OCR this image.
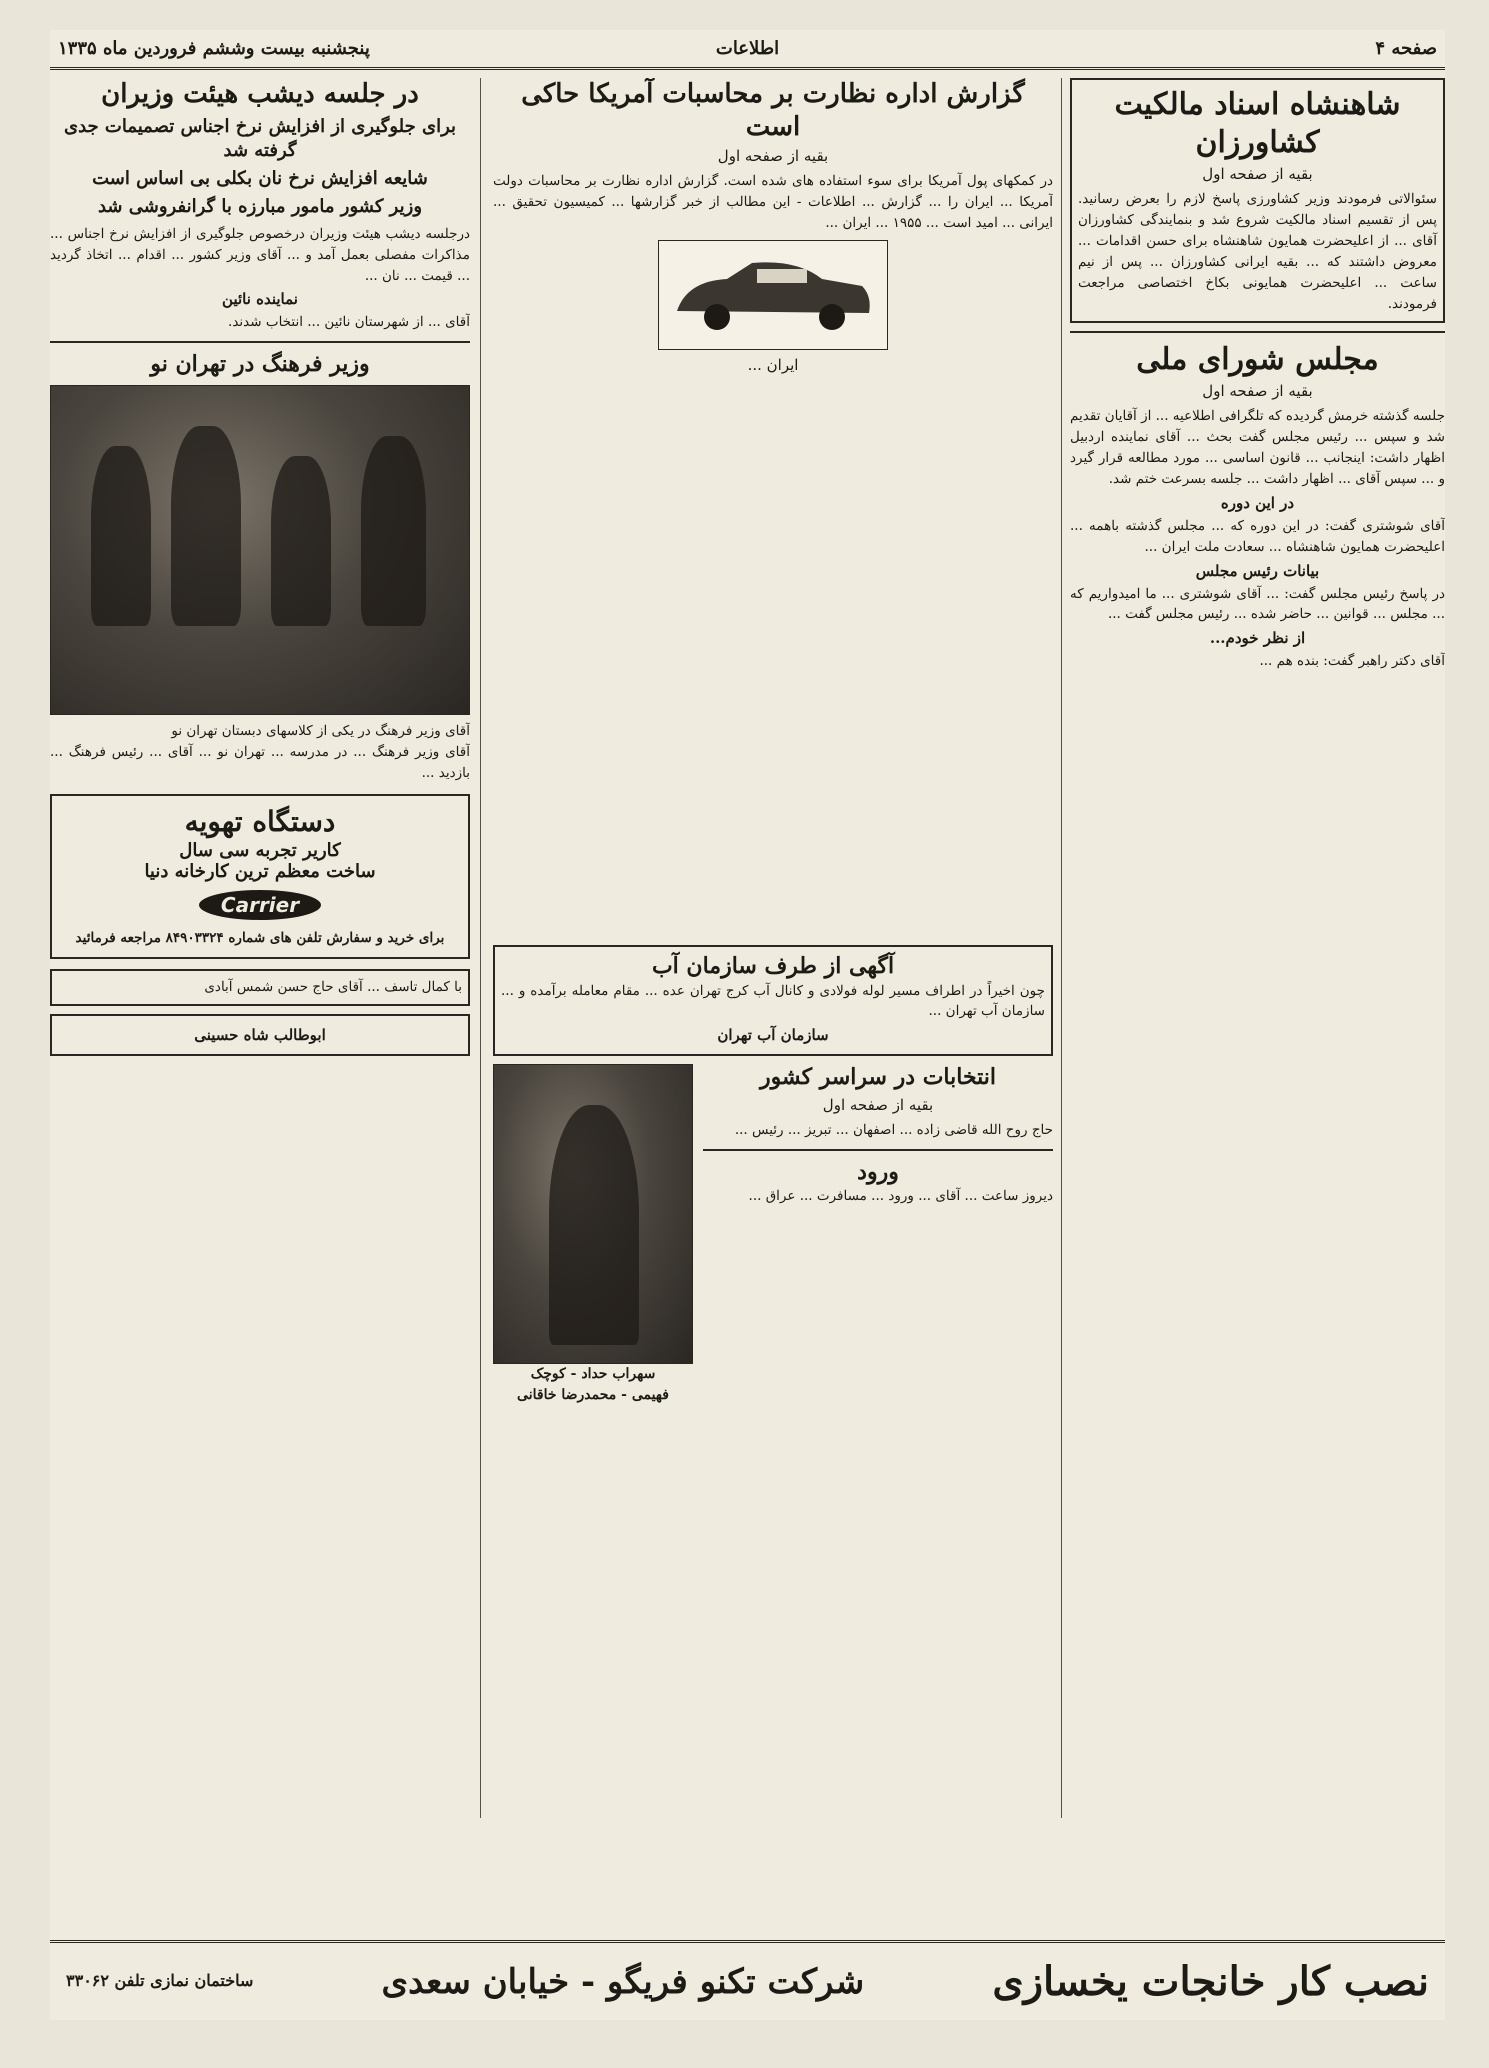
صفحه ۴
اطلاعات
پنجشنبه بیست وششم فروردین ماه ۱۳۳۵
شاهنشاه اسناد مالکیت کشاورزان
بقیه از صفحه اول
سئوالاتی فرمودند وزیر کشاورزی پاسخ لازم را بعرض رسانید. پس از تقسیم اسناد مالکیت شروع شد و بنمایندگی کشاورزان آقای ... از اعلیحضرت همایون شاهنشاه برای حسن اقدامات ... معروض داشتند که ... بقیه ایرانی کشاورزان ... پس از نیم ساعت ... اعلیحضرت همایونی بکاخ اختصاصی مراجعت فرمودند.
مجلس شورای ملی
بقیه از صفحه اول
جلسه گذشته خرمش گردیده که تلگرافی اطلاعیه ... از آقایان تقدیم شد و سپس ... رئیس مجلس گفت بحث ... آقای نماینده اردبیل اظهار داشت: اینجانب ... قانون اساسی ... مورد مطالعه قرار گیرد و ... سپس آقای ... اظهار داشت ... جلسه بسرعت ختم شد.
در این دوره
آقای شوشتری گفت: در این دوره که ... مجلس گذشته باهمه ... اعلیحضرت همایون شاهنشاه ... سعادت ملت ایران ...
بیانات رئیس مجلس
در پاسخ رئیس مجلس گفت: ... آقای شوشتری ... ما امیدواریم که ... مجلس ... قوانین ... حاضر شده ... رئیس مجلس گفت ...
از نظر خودم...
آقای دکتر راهبر گفت: بنده هم ...
گزارش اداره نظارت بر محاسبات آمریکا حاکی است
بقیه از صفحه اول
در کمکهای پول آمریکا برای سوء استفاده های شده است. گزارش اداره نظارت بر محاسبات دولت آمریکا ... ایران را ... گزارش ... اطلاعات - این مطالب از خبر گزارشها ... کمیسیون تحقیق ... ایرانی ... امید است ... ۱۹۵۵ ... ایران ...
ایران ...
آگهی از طرف سازمان آب
چون اخیراً در اطراف مسیر لوله فولادی و کانال آب کرج تهران عده ... مقام معامله برآمده و ... سازمان آب تهران ...
سازمان آب تهران
انتخابات در سراسر کشور
بقیه از صفحه اول
حاج روح الله قاضی زاده ... اصفهان ... تبریز ... رئیس ...
ورود
دیروز ساعت ... آقای ... ورود ... مسافرت ... عراق ...
سهراب حداد - کوچک
فهیمی - محمدرضا خاقانی
در جلسه دیشب هیئت وزیران
برای جلوگیری از افزایش نرخ اجناس تصمیمات جدی گرفته شد
شایعه افزایش نرخ نان بکلی بی اساس است
وزیر کشور مامور مبارزه با گرانفروشی شد
درجلسه دیشب هیئت وزیران درخصوص جلوگیری از افزایش نرخ اجناس ... مذاکرات مفصلی بعمل آمد و ... آقای وزیر کشور ... اقدام ... اتخاذ گردید ... قیمت ... نان ...
نماینده نائین
آقای ... از شهرستان نائین ... انتخاب شدند.
وزیر فرهنگ در تهران نو
آقای وزیر فرهنگ در یکی از کلاسهای دبستان تهران نو
آقای وزیر فرهنگ ... در مدرسه ... تهران نو ... آقای ... رئیس فرهنگ ... بازدید ...
دستگاه تهویه
کاریر تجربه سی سال
ساخت معظم ترین کارخانه دنیا
Carrier
برای خرید و سفارش تلفن های شماره ۸۴۹۰۳۳۲۴ مراجعه فرمائید
با کمال تاسف ... آقای حاج حسن شمس آبادی
ابوطالب شاه حسینی
نصب کار خانجات یخسازی
شرکت تکنو فریگو - خیابان سعدی
ساختمان نمازی تلفن ۳۳۰۶۲
